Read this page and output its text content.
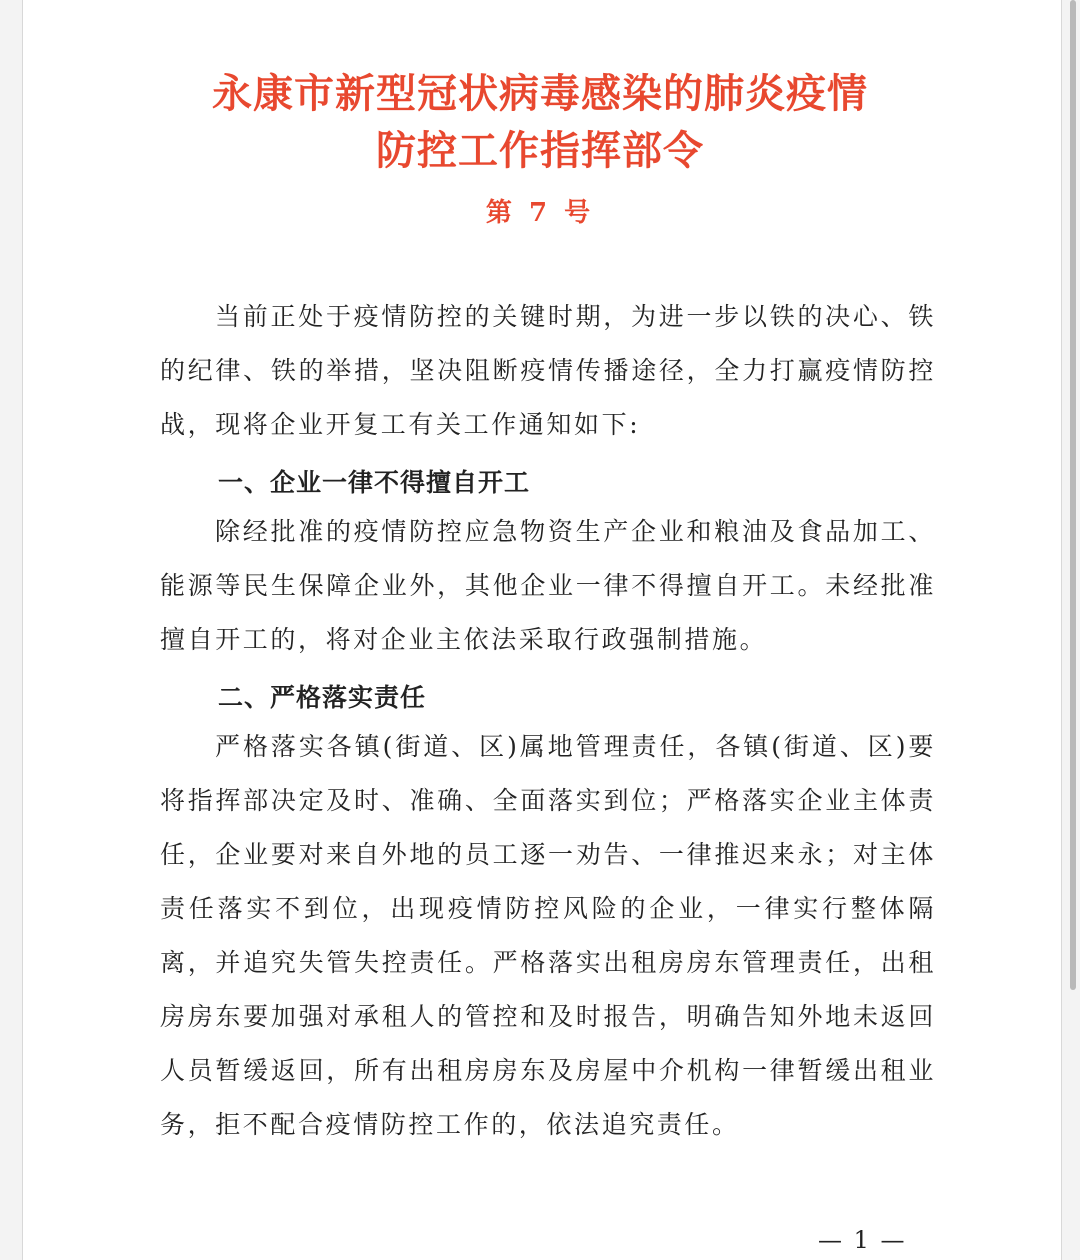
永康市新型冠状病毒感染的肺炎疫情
防控工作指挥部令
第 7 号

当前正处于疫情防控的关键时期，为进一步以铁的决心、铁的纪律、铁的举措，坚决阻断疫情传播途径，全力打赢疫情防控战，现将企业开复工有关工作通知如下:

一、企业一律不得擅自开工

除经批准的疫情防控应急物资生产企业和粮油及食品加工、能源等民生保障企业外，其他企业一律不得擅自开工。未经批准擅自开工的，将对企业主依法采取行政强制措施。

二、严格落实责任

严格落实各镇(街道、区)属地管理责任，各镇(街道、区)要将指挥部决定及时、准确、全面落实到位；严格落实企业主体责任，企业要对来自外地的员工逐一劝告、一律推迟来永；对主体责任落实不到位，出现疫情防控风险的企业，一律实行整体隔离，并追究失管失控责任。严格落实出租房房东管理责任，出租房房东要加强对承租人的管控和及时报告，明确告知外地未返回人员暂缓返回，所有出租房房东及房屋中介机构一律暂缓出租业务，拒不配合疫情防控工作的，依法追究责任。

— 1 —
